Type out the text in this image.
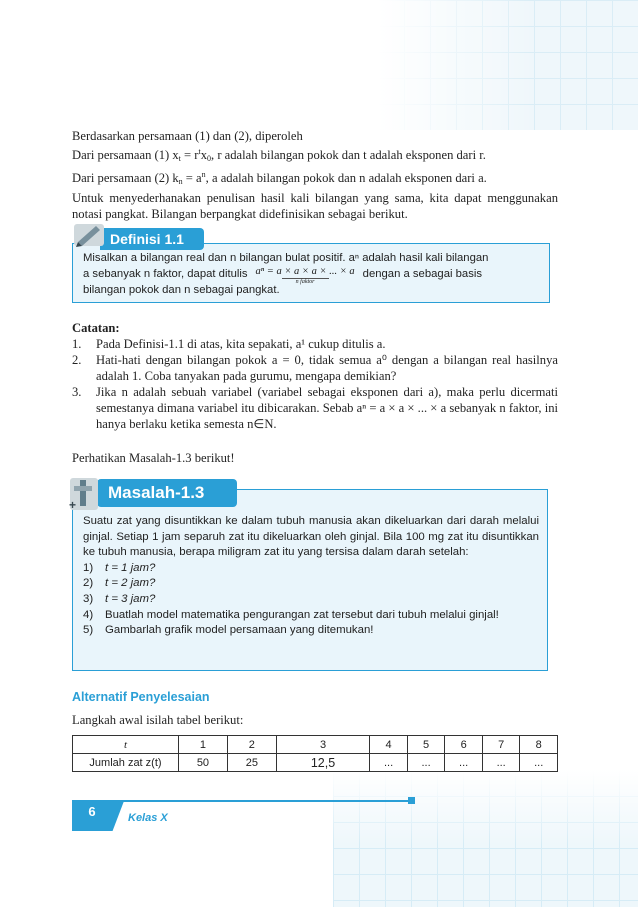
Berdasarkan persamaan (1) dan (2), diperoleh

Dari persamaan (1) $x_t = r^tx_0$, r adalah bilangan pokok dan t adalah eksponen dari r.

Dari persamaan (2) $k_n = a^n$, a adalah bilangan pokok dan n adalah eksponen dari a.

Untuk menyederhanakan penulisan hasil kali bilangan yang sama, kita dapat menggunakan notasi pangkat. Bilangan berpangkat didefinisikan sebagai berikut.

Misalkan a bilangan real dan n bilangan bulat positif. aⁿ adalah hasil kali bilangan
a sebanyak n faktor, dapat ditulis aⁿ = a × a × a × ... × a
n faktor
dengan a sebagai basis
bilangan pokok dan n sebagai pangkat.
Definisi 1.1
Catatan:
1.	Pada Definisi-1.1 di atas, kita sepakati, a¹ cukup ditulis a.
2.	Hati-hati dengan bilangan pokok a = 0, tidak semua a⁰ dengan a bilangan real hasilnya adalah 1. Coba tanyakan pada gurumu, mengapa demikian?
3.	Jika n adalah sebuah variabel (variabel sebagai eksponen dari a), maka perlu dicermati semestanya dimana variabel itu dibicarakan. Sebab aⁿ = a × a × ... × a sebanyak n faktor, ini hanya berlaku ketika semesta n∈N.
Perhatikan Masalah-1.3 berikut!
Suatu zat yang disuntikkan ke dalam tubuh manusia akan dikeluarkan dari darah melalui ginjal. Setiap 1 jam separuh zat itu dikeluarkan oleh ginjal. Bila 100 mg zat itu disuntikkan ke tubuh manusia, berapa miligram zat itu yang tersisa dalam darah setelah:
1)	t = 1 jam?
2)	t = 2 jam?
3)	t = 3 jam?
4)	Buatlah model matematika pengurangan zat tersebut dari tubuh melalui ginjal!
5)	Gambarlah grafik model persamaan yang ditemukan!
Masalah-1.3
+
Alternatif Penyelesaian
Langkah awal isilah tabel berikut:
t	1	2	3	4	5	6	7	8
Jumlah zat z(t)	50	25	12,5	...	...	...	...	...
6	Kelas X
